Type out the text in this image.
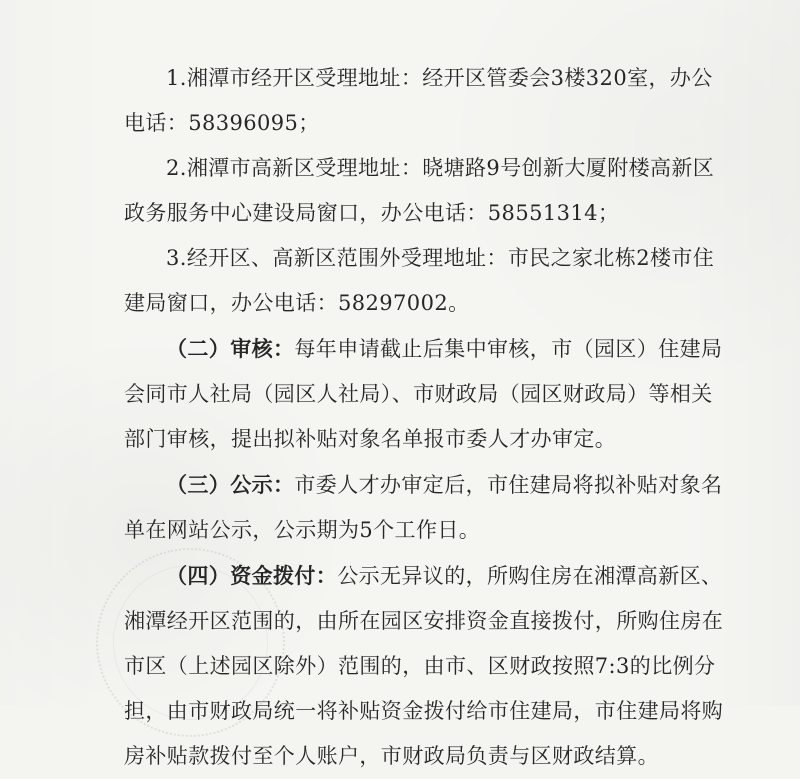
1.湘潭市经开区受理地址：经开区管委会3楼320室，办公电话：58396095；

2.湘潭市高新区受理地址：晓塘路9号创新大厦附楼高新区政务服务中心建设局窗口，办公电话：58551314；

3.经开区、高新区范围外受理地址：市民之家北栋2楼市住建局窗口，办公电话：58297002。

（二）审核：每年申请截止后集中审核，市（园区）住建局会同市人社局（园区人社局）、市财政局（园区财政局）等相关部门审核，提出拟补贴对象名单报市委人才办审定。

（三）公示：市委人才办审定后，市住建局将拟补贴对象名单在网站公示，公示期为5个工作日。

（四）资金拨付：公示无异议的，所购住房在湘潭高新区、湘潭经开区范围的，由所在园区安排资金直接拨付，所购住房在市区（上述园区除外）范围的，由市、区财政按照7:3的比例分担，由市财政局统一将补贴资金拨付给市住建局，市住建局将购房补贴款拨付至个人账户，市财政局负责与区财政结算。
